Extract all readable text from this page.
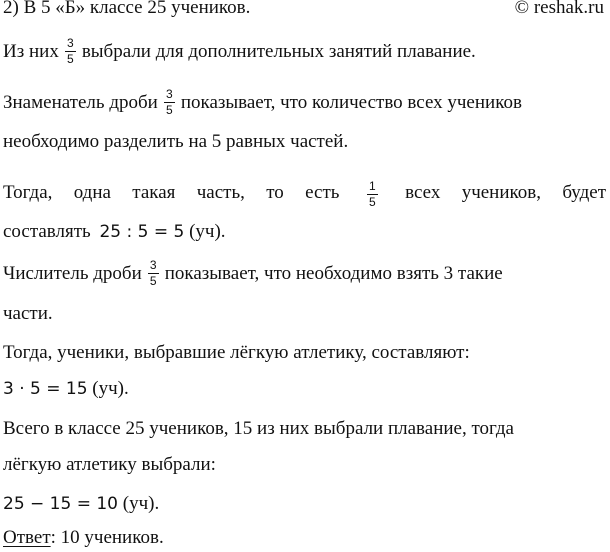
2) В 5 «Б» классе 25 учеников.	© reshak.ru
Из них $\frac{3}{5}$ выбрали для дополнительных занятий плавание.
Знаменатель дроби $\frac{3}{5}$ показывает, что количество всех учеников
необходимо разделить на 5 равных частей.
Тогда, одна такая часть, то есть $\frac{1}{5}$ всех учеников, будет
составлять 25 : 5 = 5 (уч).
Числитель дроби $\frac{3}{5}$ показывает, что необходимо взять 3 такие
части.
Тогда, ученики, выбравшие лёгкую атлетику, составляют:
3 · 5 = 15 (уч).
Всего в классе 25 учеников, 15 из них выбрали плавание, тогда
лёгкую атлетику выбрали:
25 − 15 = 10 (уч).
Ответ: 10 учеников.
